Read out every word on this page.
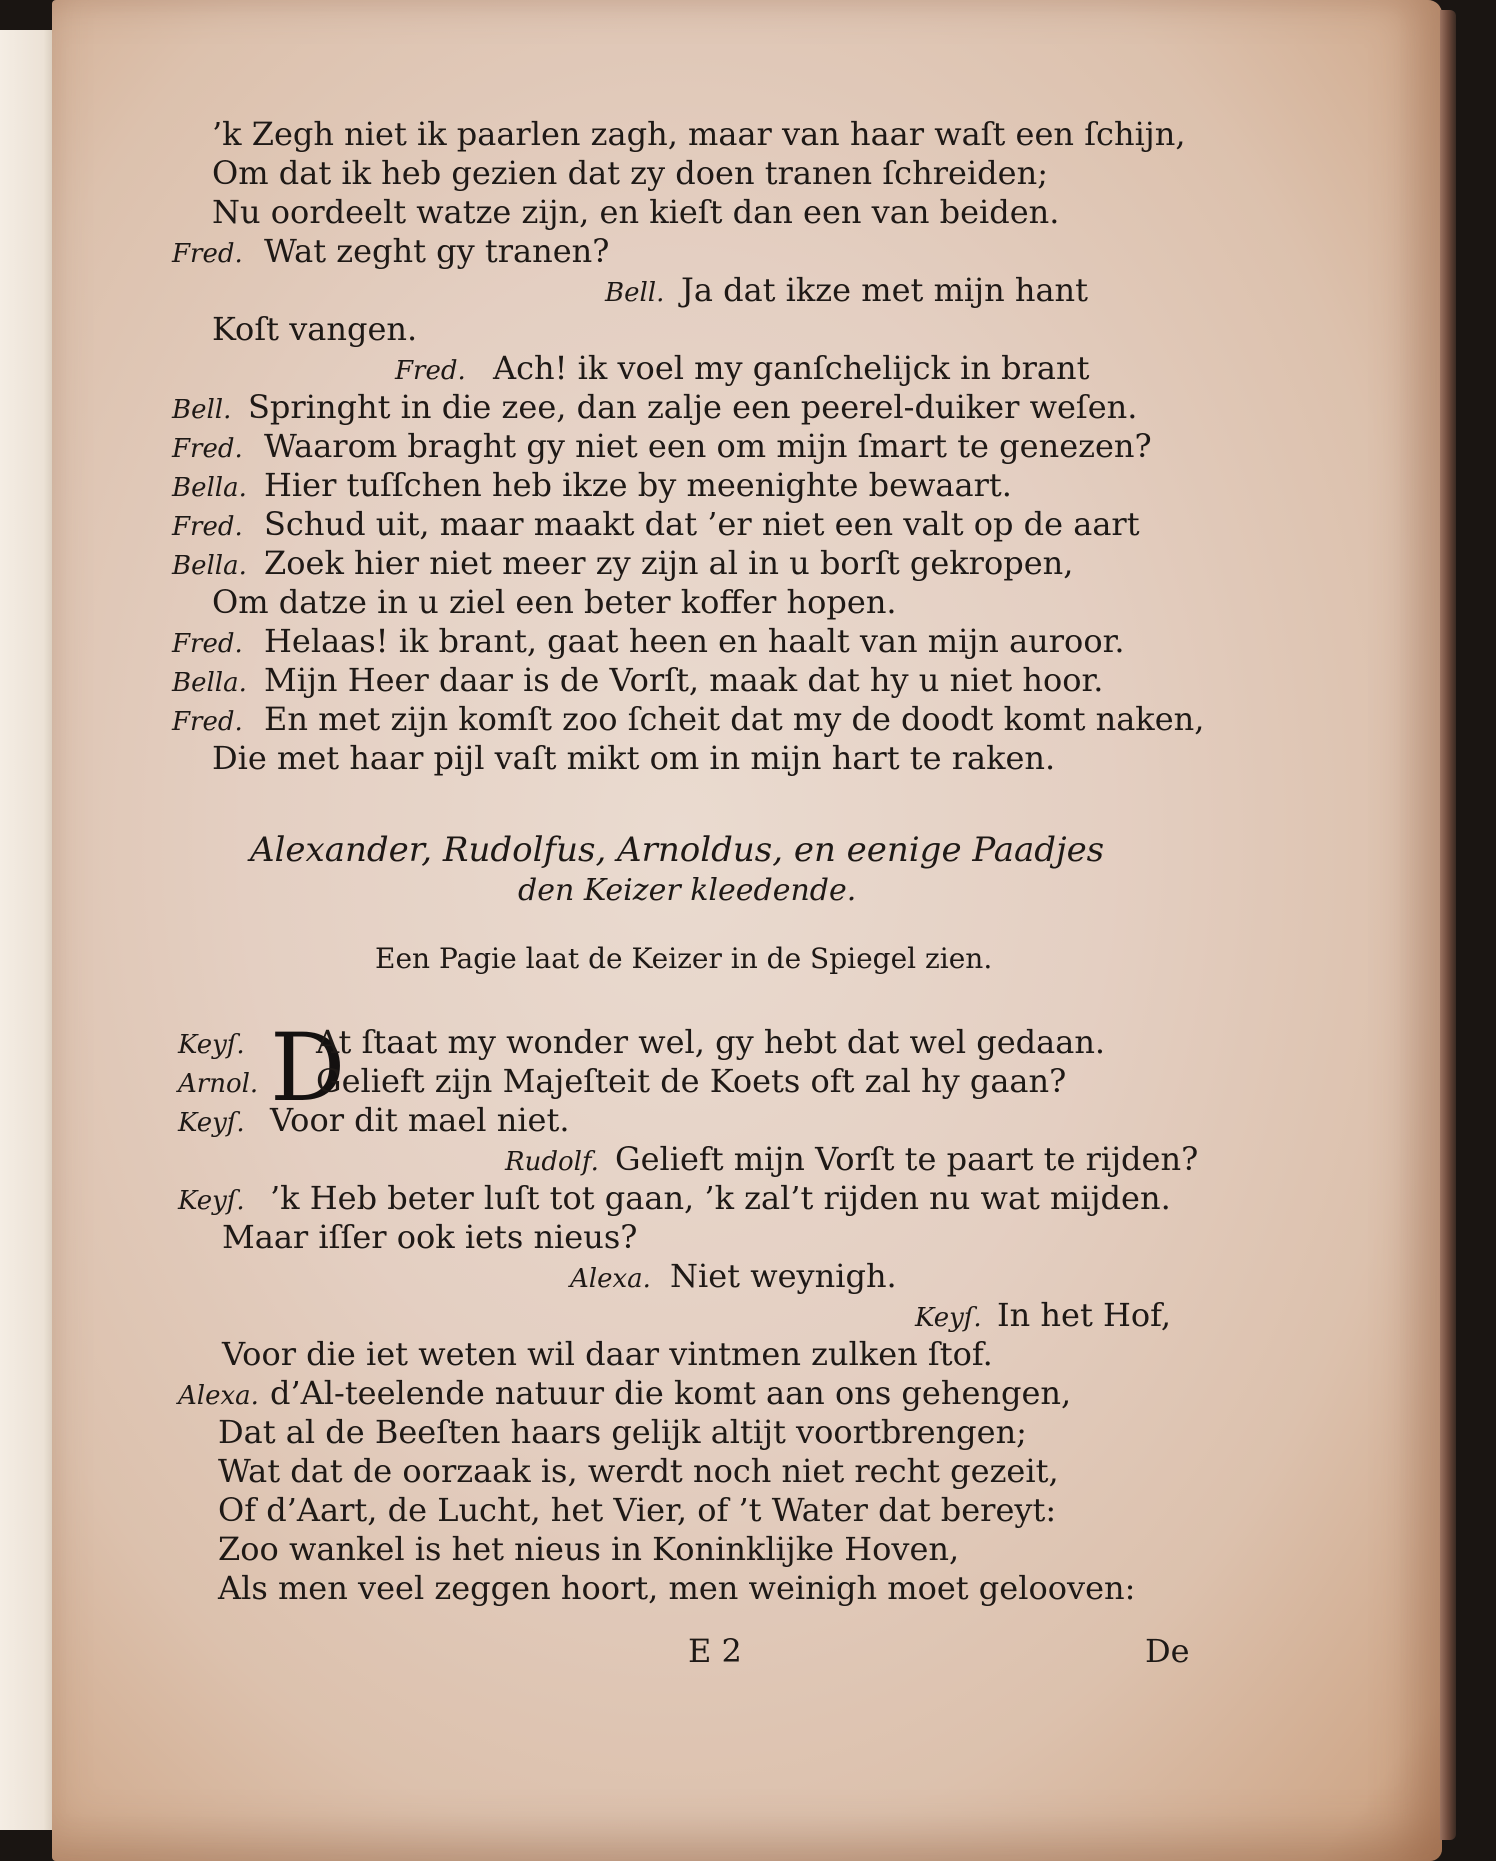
’k Zegh niet ik paarlen zagh, maar van haar waſt een ſchijn,
Om dat ik heb gezien dat zy doen tranen ſchreiden;
Nu oordeelt watze zijn, en kieſt dan een van beiden.
Fred. Wat zeght gy tranen?
Bell. Ja dat ikze met mijn hant
Koſt vangen.
Fred. Ach! ik voel my ganſchelijck in brant
Bell. Springht in die zee, dan zalje een peerel-duiker weſen.
Fred. Waarom braght gy niet een om mijn ſmart te genezen?
Bella. Hier tuſſchen heb ikze by meenighte bewaart.
Fred. Schud uit, maar maakt dat ’er niet een valt op de aart
Bella. Zoek hier niet meer zy zijn al in u borſt gekropen,
Om datze in u ziel een beter koffer hopen.
Fred. Helaas! ik brant, gaat heen en haalt van mijn auroor.
Bella. Mijn Heer daar is de Vorſt, maak dat hy u niet hoor.
Fred. En met zijn komſt zoo ſcheit dat my de doodt komt naken,
Die met haar pijl vaſt mikt om in mijn hart te raken.
Alexander, Rudolfus, Arnoldus, en eenige Paadjes
den Keizer kleedende.
Een Pagie laat de Keizer in de Spiegel zien.
D
Keyſ. At ſtaat my wonder wel, gy hebt dat wel gedaan.
Arnol. Gelieft zijn Majeſteit de Koets oft zal hy gaan?
Keyſ. Voor dit mael niet.
Rudolf. Gelieft mijn Vorſt te paart te rijden?
Keyſ. ’k Heb beter luſt tot gaan, ’k zal’t rijden nu wat mijden.
Maar iſſer ook iets nieus?
Alexa. Niet weynigh.
Keyſ. In het Hof,
Voor die iet weten wil daar vintmen zulken ſtof.
Alexa. d’Al-teelende natuur die komt aan ons gehengen,
Dat al de Beeſten haars gelijk altijt voortbrengen;
Wat dat de oorzaak is, werdt noch niet recht gezeit,
Of d’Aart, de Lucht, het Vier, of ’t Water dat bereyt:
Zoo wankel is het nieus in Koninklijke Hoven,
Als men veel zeggen hoort, men weinigh moet gelooven:
E 2	De
